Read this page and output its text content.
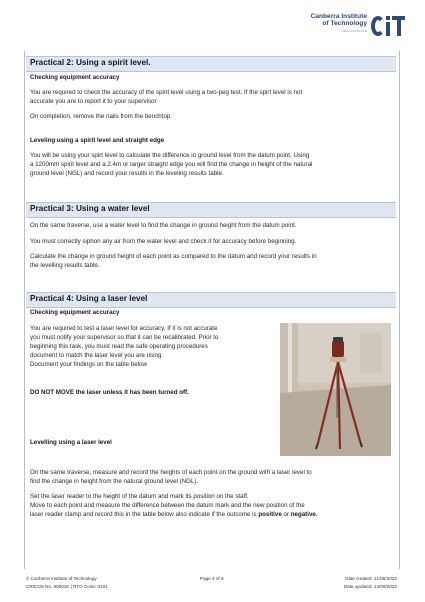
Canberra Institute
of Technology
SKILLS FOR LIFE
Practical 2: Using a spirit level.
Checking equipment accuracy
You are required to check the accuracy of the spirit level using a two-peg test. If the spirt level is not
accurate you are to report it to your supervisor
On completion, remove the nails from the benchtop.
Leveling using a spirit level and straight edge
You will be using your spirt level to calculate the difference in ground level from the datum point. Using
a 1200mm spirit level and a 2.4m or larger straight edge you will find the change in height of the natural
ground level (NGL) and record your results in the leveling results table.
Practical 3: Using a water level
On the same traverse, use a water level to find the change in ground height from the datum point.
You must correctly siphon any air from the water level and check it for accuracy before beginning.
Calculate the change in ground height of each point as compared to the datum and record your results in
the levelling results table.
Practical 4: Using a laser level
Checking equipment accuracy
You are required to test a laser level for accuracy. If it is not accurate
you must notify your supervisor so that it can be recalibrated. Prior to
beginning this task, you must read the safe operating procedures
document to match the laser level you are using.
Document your findings on the table below
DO NOT MOVE the laser unless it has been turned off.
Levelling using a laser level
On the same traverse, measure and record the heights of each point on the ground with a laser level to
find the change in height from the natural ground level (NGL).
Set the laser reader to the height of the datum and mark its position on the staff.
Move to each point and measure the difference between the datum mark and the new position of the
laser reader clamp and record this in the table below also indicate if the outcome is positive or negative.
© Canberra Institute of Technology
CRICOS No. 00001K | RTO Code: 0101
Page 4 of 9	Date created: 21/06/2022
Date updated: 14/09/2022
